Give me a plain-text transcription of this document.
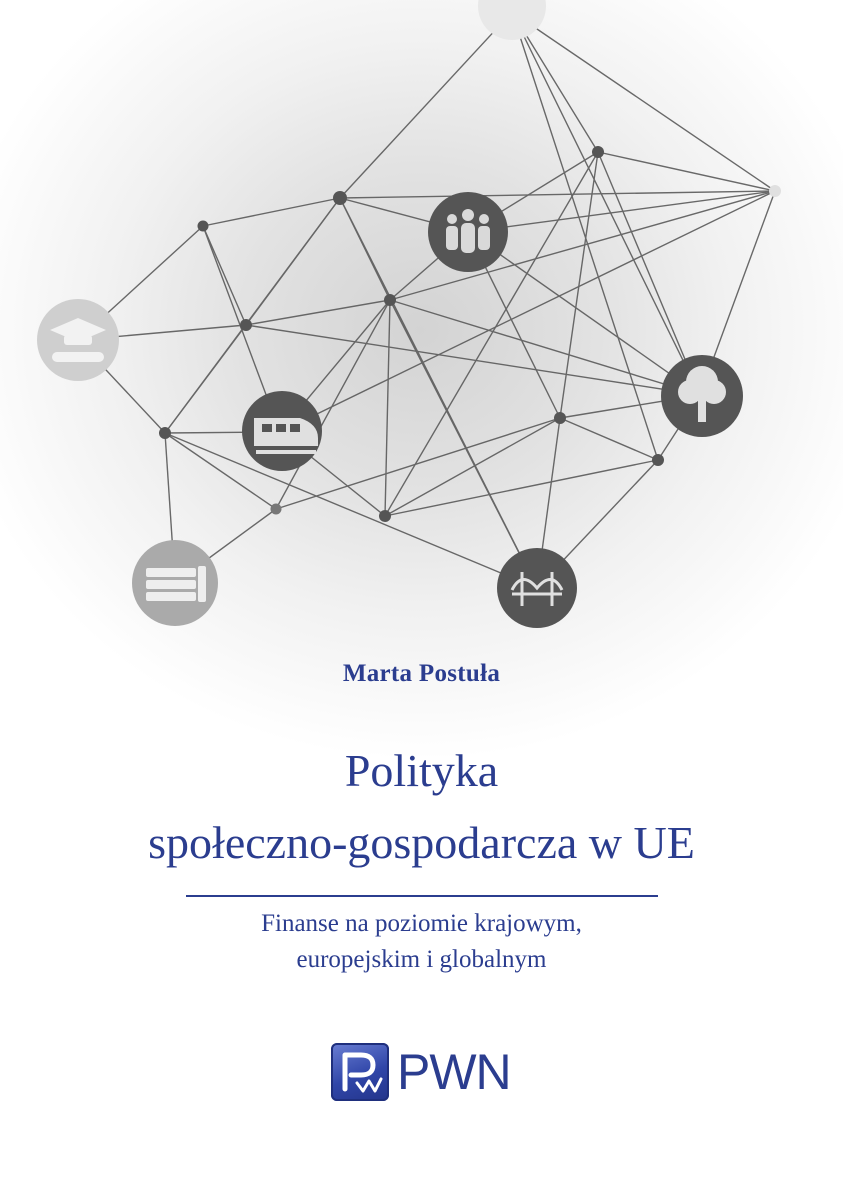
Marta Postuła
Polityka
społeczno-gospodarcza w UE
Finanse na poziomie krajowym,
europejskim i globalnym
PWN
